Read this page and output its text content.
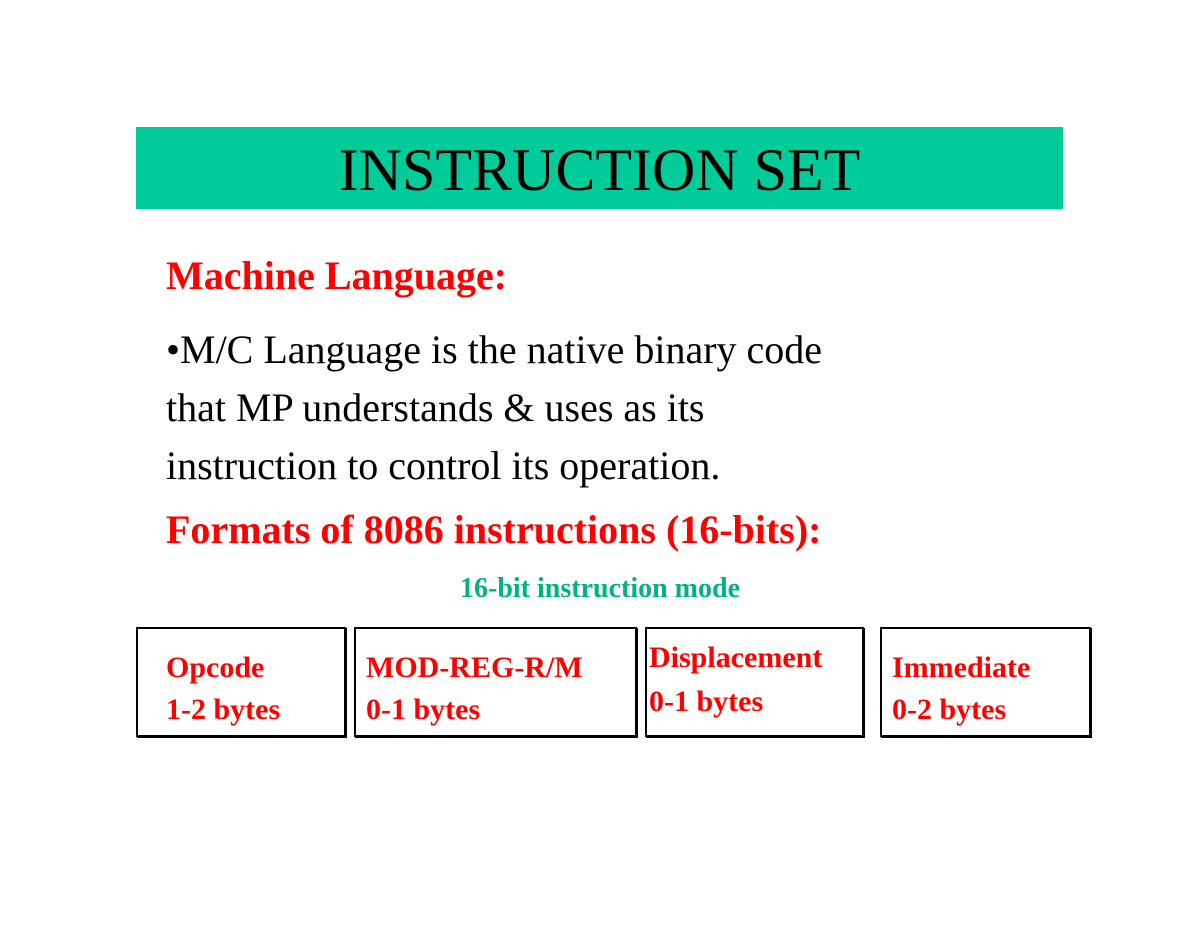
INSTRUCTION SET
Machine Language:
•M/C Language is the native binary code
that MP understands & uses as its
instruction to control its operation.
Formats of 8086 instructions (16-bits):
16-bit instruction mode
Opcode
1-2 bytes
MOD-REG-R/M
0-1 bytes
Displacement
0-1 bytes
Immediate
0-2 bytes
